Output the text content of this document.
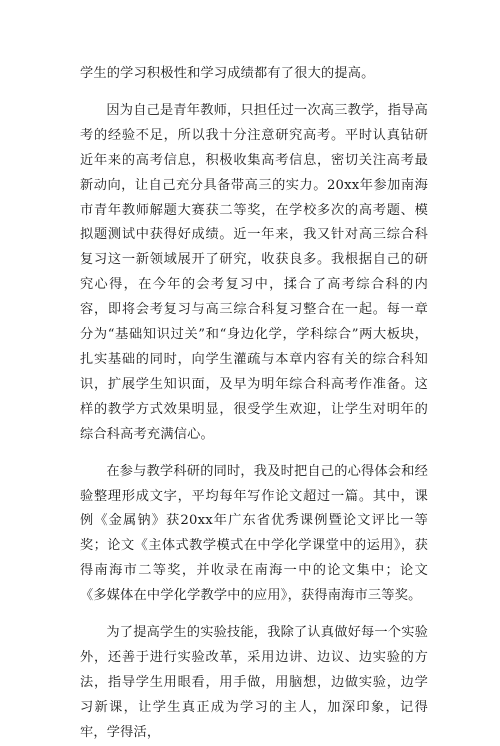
学生的学习积极性和学习成绩都有了很大的提高。

因为自己是青年教师，只担任过一次高三教学，指导高考的经验不足，所以我十分注意研究高考。平时认真钻研近年来的高考信息，积极收集高考信息，密切关注高考最新动向，让自己充分具备带高三的实力。20xx年参加南海市青年教师解题大赛获二等奖，在学校多次的高考题、模拟题测试中获得好成绩。近一年来，我又针对高三综合科复习这一新领域展开了研究，收获良多。我根据自己的研究心得，在今年的会考复习中，揉合了高考综合科的内容，即将会考复习与高三综合科复习整合在一起。每一章分为“基础知识过关”和“身边化学，学科综合”两大板块，扎实基础的同时，向学生灌疏与本章内容有关的综合科知识，扩展学生知识面，及早为明年综合科高考作准备。这样的教学方式效果明显，很受学生欢迎，让学生对明年的综合科高考充满信心。

在参与教学科研的同时，我及时把自己的心得体会和经验整理形成文字，平均每年写作论文超过一篇。其中，课例《金属钠》获20xx年广东省优秀课例暨论文评比一等奖；论文《主体式教学模式在中学化学课堂中的运用》，获得南海市二等奖，并收录在南海一中的论文集中；论文《多媒体在中学化学教学中的应用》，获得南海市三等奖。

为了提高学生的实验技能，我除了认真做好每一个实验外，还善于进行实验改革，采用边讲、边议、边实验的方法，指导学生用眼看，用手做，用脑想，边做实验，边学习新课，让学生真正成为学习的主人，加深印象，记得牢，学得活，
